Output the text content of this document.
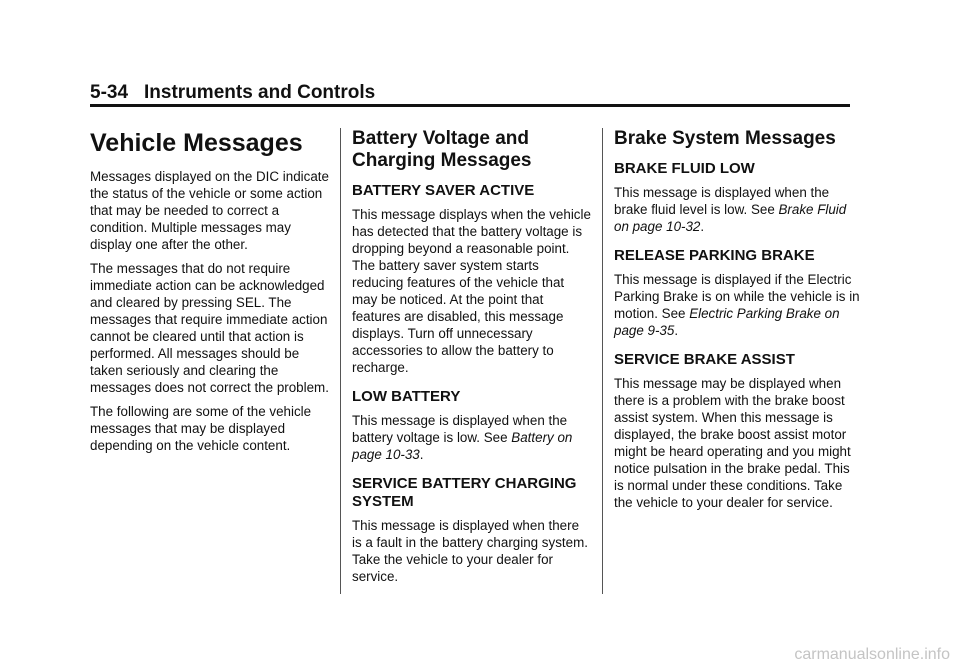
5-34 Instruments and Controls
Vehicle Messages

Messages displayed on the DIC indicate the status of the vehicle or some action that may be needed to correct a condition. Multiple messages may display one after the other.

The messages that do not require immediate action can be acknowledged and cleared by pressing SEL. The messages that require immediate action cannot be cleared until that action is performed. All messages should be taken seriously and clearing the messages does not correct the problem.

The following are some of the vehicle messages that may be displayed depending on the vehicle content.

Battery Voltage and Charging Messages
BATTERY SAVER ACTIVE

This message displays when the vehicle has detected that the battery voltage is dropping beyond a reasonable point. The battery saver system starts reducing features of the vehicle that may be noticed. At the point that features are disabled, this message displays. Turn off unnecessary accessories to allow the battery to recharge.

LOW BATTERY

This message is displayed when the battery voltage is low. See Battery on page 10-33.

SERVICE BATTERY CHARGING SYSTEM

This message is displayed when there is a fault in the battery charging system. Take the vehicle to your dealer for service.

Brake System Messages
BRAKE FLUID LOW

This message is displayed when the brake fluid level is low. See Brake Fluid on page 10-32.

RELEASE PARKING BRAKE

This message is displayed if the Electric Parking Brake is on while the vehicle is in motion. See Electric Parking Brake on page 9-35.

SERVICE BRAKE ASSIST

This message may be displayed when there is a problem with the brake boost assist system. When this message is displayed, the brake boost assist motor might be heard operating and you might notice pulsation in the brake pedal. This is normal under these conditions. Take the vehicle to your dealer for service.

carmanualsonline.info
